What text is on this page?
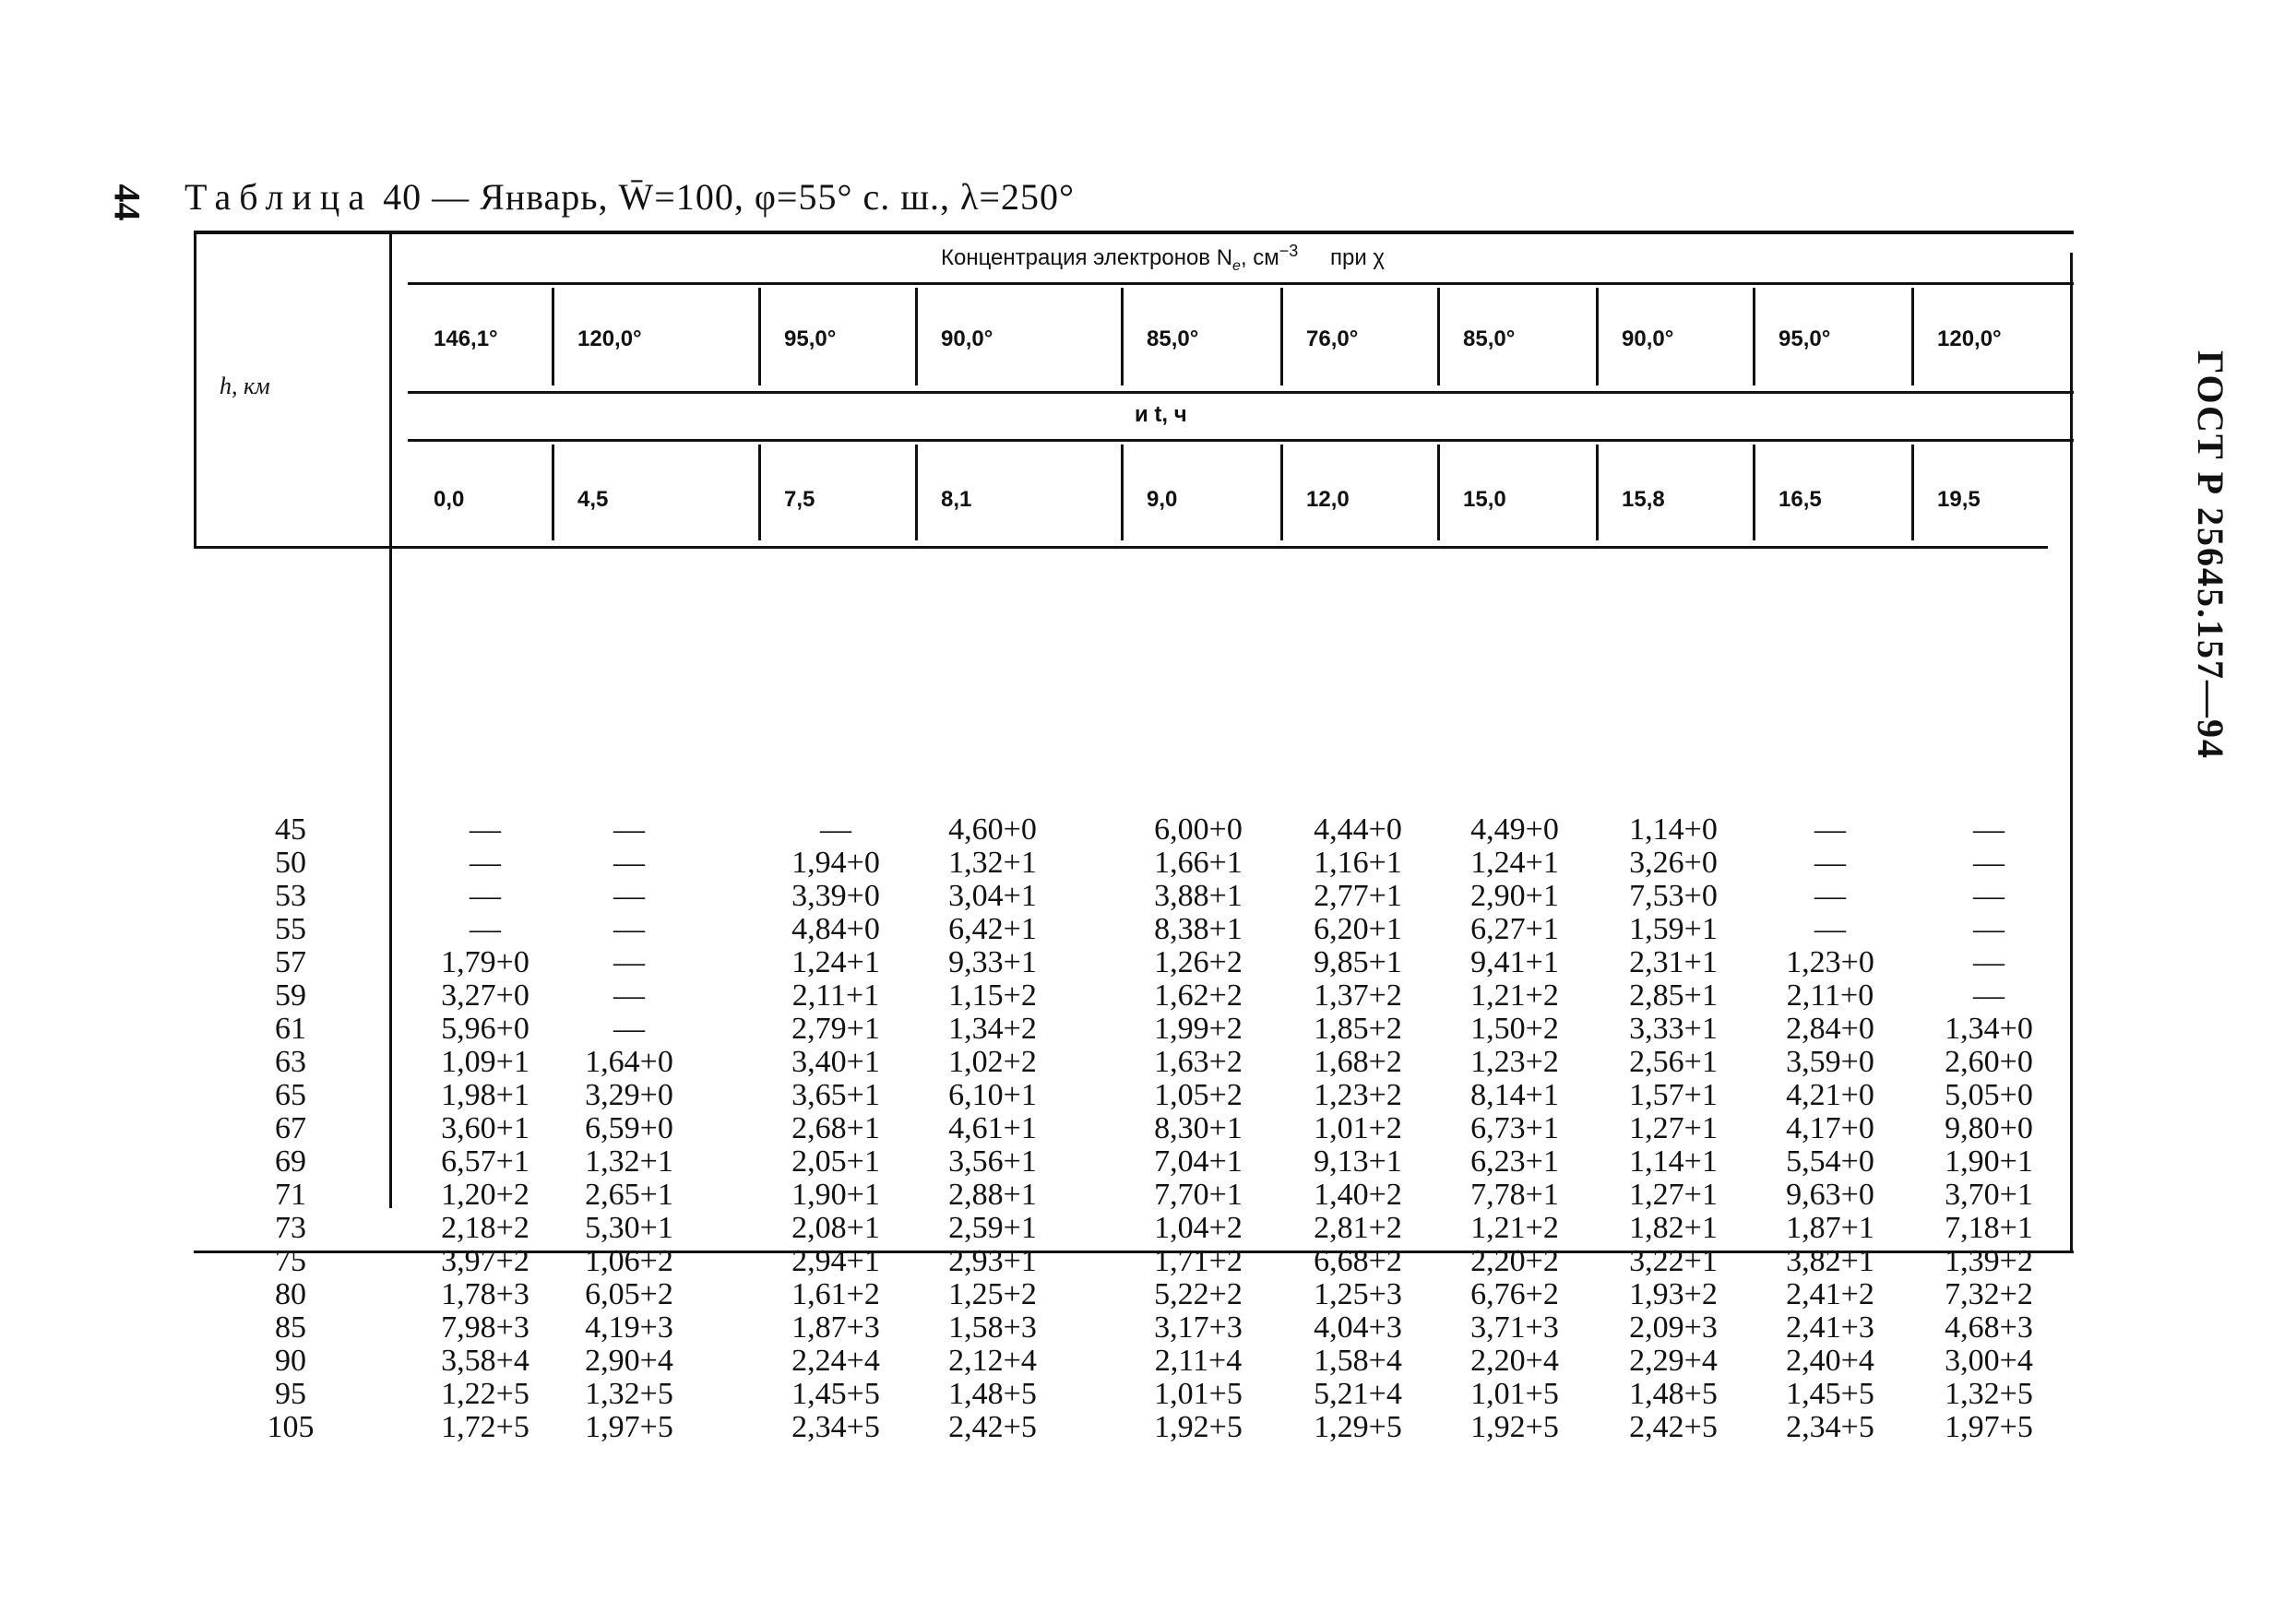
44 Таблица 40 — Январь, W̄=100, φ=55° с. ш., λ=250°
ГОСТ Р 25645.157—94
h, км
Концентрация электронов $N_e$, $см^{-3}$ при χ
и t, ч
146,1°	120,0°	95,0°	90,0°	85,0°	76,0°	85,0°	90,0°	95,0°	120,0°
0,0	4,5	7,5	8,1	9,0	12,0	15,0	15,8	16,5	19,5
45	—	—	—	4,60+0	6,00+0	4,44+0	4,49+0	1,14+0	—	—
50	—	—	1,94+0	1,32+1	1,66+1	1,16+1	1,24+1	3,26+0	—	—
53	—	—	3,39+0	3,04+1	3,88+1	2,77+1	2,90+1	7,53+0	—	—
55	—	—	4,84+0	6,42+1	8,38+1	6,20+1	6,27+1	1,59+1	—	—
57	1,79+0	—	1,24+1	9,33+1	1,26+2	9,85+1	9,41+1	2,31+1	1,23+0	—
59	3,27+0	—	2,11+1	1,15+2	1,62+2	1,37+2	1,21+2	2,85+1	2,11+0	—
61	5,96+0	—	2,79+1	1,34+2	1,99+2	1,85+2	1,50+2	3,33+1	2,84+0	1,34+0
63	1,09+1	1,64+0	3,40+1	1,02+2	1,63+2	1,68+2	1,23+2	2,56+1	3,59+0	2,60+0
65	1,98+1	3,29+0	3,65+1	6,10+1	1,05+2	1,23+2	8,14+1	1,57+1	4,21+0	5,05+0
67	3,60+1	6,59+0	2,68+1	4,61+1	8,30+1	1,01+2	6,73+1	1,27+1	4,17+0	9,80+0
69	6,57+1	1,32+1	2,05+1	3,56+1	7,04+1	9,13+1	6,23+1	1,14+1	5,54+0	1,90+1
71	1,20+2	2,65+1	1,90+1	2,88+1	7,70+1	1,40+2	7,78+1	1,27+1	9,63+0	3,70+1
73	2,18+2	5,30+1	2,08+1	2,59+1	1,04+2	2,81+2	1,21+2	1,82+1	1,87+1	7,18+1
75	3,97+2	1,06+2	2,94+1	2,93+1	1,71+2	6,68+2	2,20+2	3,22+1	3,82+1	1,39+2
80	1,78+3	6,05+2	1,61+2	1,25+2	5,22+2	1,25+3	6,76+2	1,93+2	2,41+2	7,32+2
85	7,98+3	4,19+3	1,87+3	1,58+3	3,17+3	4,04+3	3,71+3	2,09+3	2,41+3	4,68+3
90	3,58+4	2,90+4	2,24+4	2,12+4	2,11+4	1,58+4	2,20+4	2,29+4	2,40+4	3,00+4
95	1,22+5	1,32+5	1,45+5	1,48+5	1,01+5	5,21+4	1,01+5	1,48+5	1,45+5	1,32+5
105	1,72+5	1,97+5	2,34+5	2,42+5	1,92+5	1,29+5	1,92+5	2,42+5	2,34+5	1,97+5
